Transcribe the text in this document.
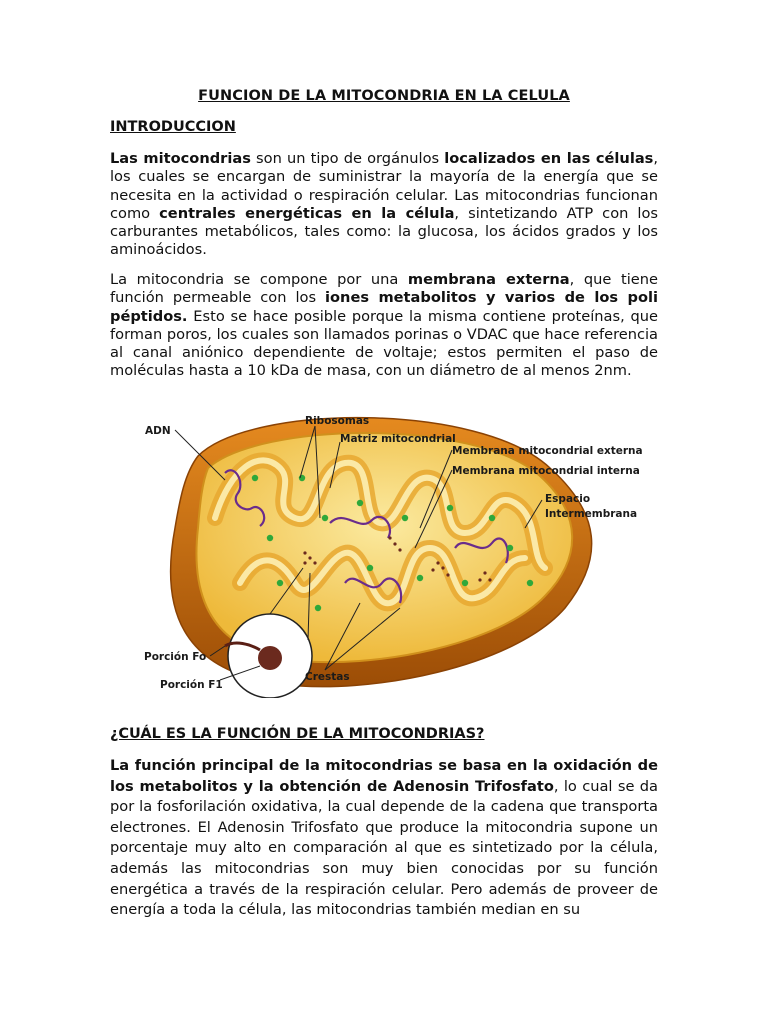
FUNCION DE LA MITOCONDRIA EN LA CELULA
INTRODUCCION

Las mitocondrias son un tipo de orgánulos localizados en las células, los cuales se encargan de suministrar la mayoría de la energía que se necesita en la actividad o respiración celular. Las mitocondrias funcionan como centrales energéticas en la célula, sintetizando ATP con los carburantes metabólicos, tales como: la glucosa, los ácidos grados y los aminoácidos.

La mitocondria se compone por una membrana externa, que tiene función permeable con los iones metabolitos y varios de los poli péptidos. Esto se hace posible porque la misma contiene proteínas, que forman poros, los cuales son llamados porinas o VDAC que hace referencia al canal aniónico dependiente de voltaje; estos permiten el paso de moléculas hasta a 10 kDa de masa, con un diámetro de al menos 2nm.

ADN
Ribosomas
Matriz mitocondrial
Membrana mitocondrial externa
Membrana mitocondrial interna
Espacio
Intermembrana
Porción Fo
Porción F1
Crestas
¿CUÁL ES LA FUNCIÓN DE LA MITOCONDRIAS?

La función principal de la mitocondrias se basa en la oxidación de los metabolitos y la obtención de Adenosin Trifosfato, lo cual se da por la fosforilación oxidativa, la cual depende de la cadena que transporta electrones. El Adenosin Trifosfato que produce la mitocondria supone un porcentaje muy alto en comparación al que es sintetizado por la célula, además las mitocondrias son muy bien conocidas por su función energética a través de la respiración celular. Pero además de proveer de energía a toda la célula, las mitocondrias también median en su
